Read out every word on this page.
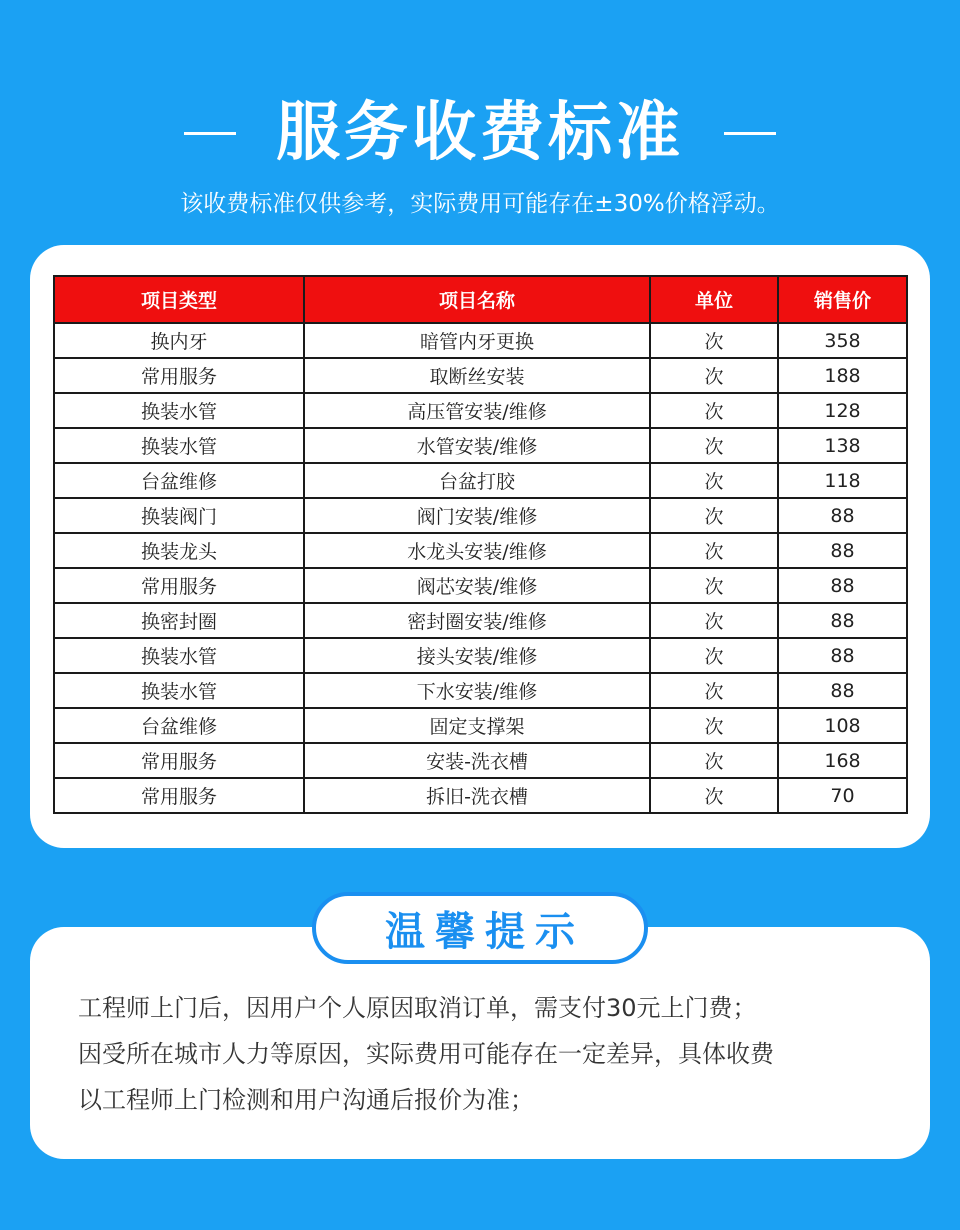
服务收费标准
该收费标准仅供参考，实际费用可能存在±30%价格浮动。
项目类型	项目名称	单位	销售价
换内牙	暗管内牙更换	次	358
常用服务	取断丝安装	次	188
换装水管	高压管安装/维修	次	128
换装水管	水管安装/维修	次	138
台盆维修	台盆打胶	次	118
换装阀门	阀门安装/维修	次	88
换装龙头	水龙头安装/维修	次	88
常用服务	阀芯安装/维修	次	88
换密封圈	密封圈安装/维修	次	88
换装水管	接头安装/维修	次	88
换装水管	下水安装/维修	次	88
台盆维修	固定支撑架	次	108
常用服务	安装-洗衣槽	次	168
常用服务	拆旧-洗衣槽	次	70
工程师上门后，因用户个人原因取消订单，需支付30元上门费；
因受所在城市人力等原因，实际费用可能存在一定差异，具体收费
以工程师上门检测和用户沟通后报价为准；
温馨提示
